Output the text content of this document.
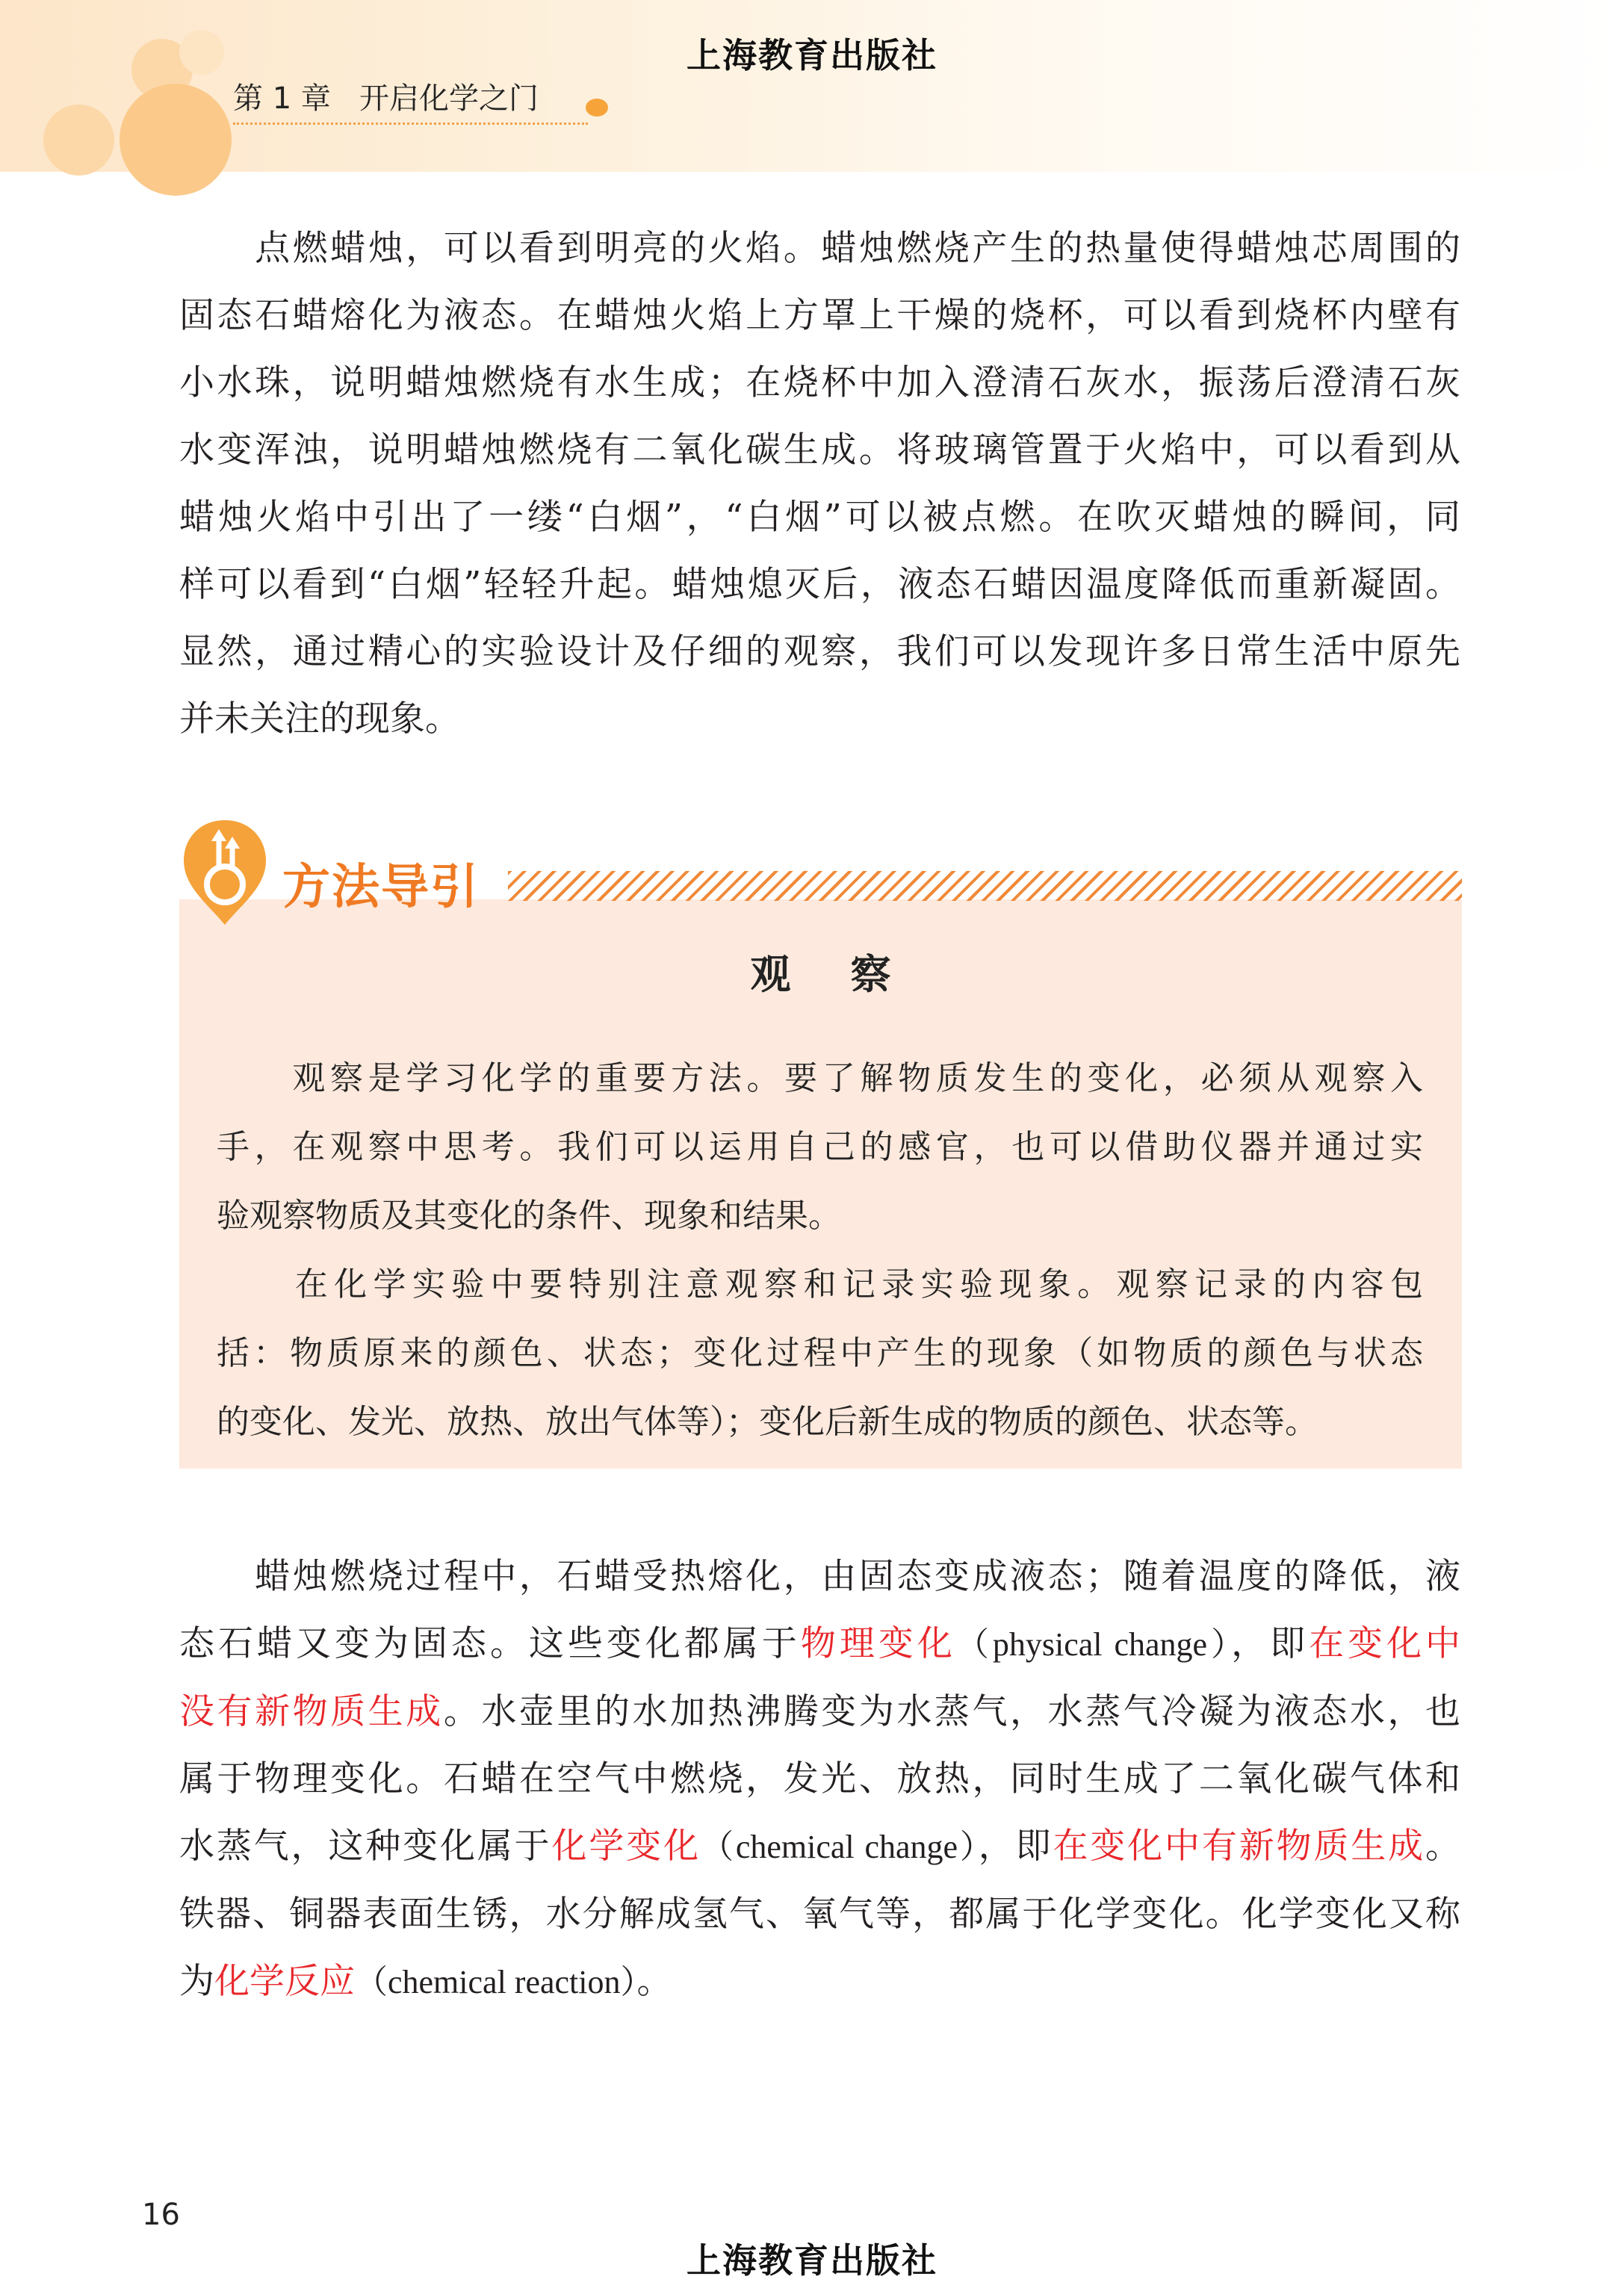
上海教育出版社
第 1 章   开启化学之门
　　点燃蜡烛，可以看到明亮的火焰。蜡烛燃烧产生的热量使得蜡烛芯周围的
固态石蜡熔化为液态。在蜡烛火焰上方罩上干燥的烧杯，可以看到烧杯内壁有
小水珠，说明蜡烛燃烧有水生成；在烧杯中加入澄清石灰水，振荡后澄清石灰
水变浑浊，说明蜡烛燃烧有二氧化碳生成。将玻璃管置于火焰中，可以看到从
蜡烛火焰中引出了一缕“白烟”，“白烟”可以被点燃。在吹灭蜡烛的瞬间，同
样可以看到“白烟”轻轻升起。蜡烛熄灭后，液态石蜡因温度降低而重新凝固。
显然，通过精心的实验设计及仔细的观察，我们可以发现许多日常生活中原先
并未关注的现象。
方法导引
观察
　　观察是学习化学的重要方法。要了解物质发生的变化，必须从观察入
手，在观察中思考。我们可以运用自己的感官，也可以借助仪器并通过实
验观察物质及其变化的条件、现象和结果。
　　在化学实验中要特别注意观察和记录实验现象。观察记录的内容包
括：物质原来的颜色、状态；变化过程中产生的现象（如物质的颜色与状态
的变化、发光、放热、放出气体等）；变化后新生成的物质的颜色、状态等。
　　蜡烛燃烧过程中，石蜡受热熔化，由固态变成液态；随着温度的降低，液
态石蜡又变为固态。这些变化都属于物理变化（physical change），即在变化中
没有新物质生成。水壶里的水加热沸腾变为水蒸气，水蒸气冷凝为液态水，也
属于物理变化。石蜡在空气中燃烧，发光、放热，同时生成了二氧化碳气体和
水蒸气，这种变化属于化学变化（chemical change），即在变化中有新物质生成。
铁器、铜器表面生锈，水分解成氢气、氧气等，都属于化学变化。化学变化又称
为化学反应（chemical reaction）。
16
上海教育出版社
